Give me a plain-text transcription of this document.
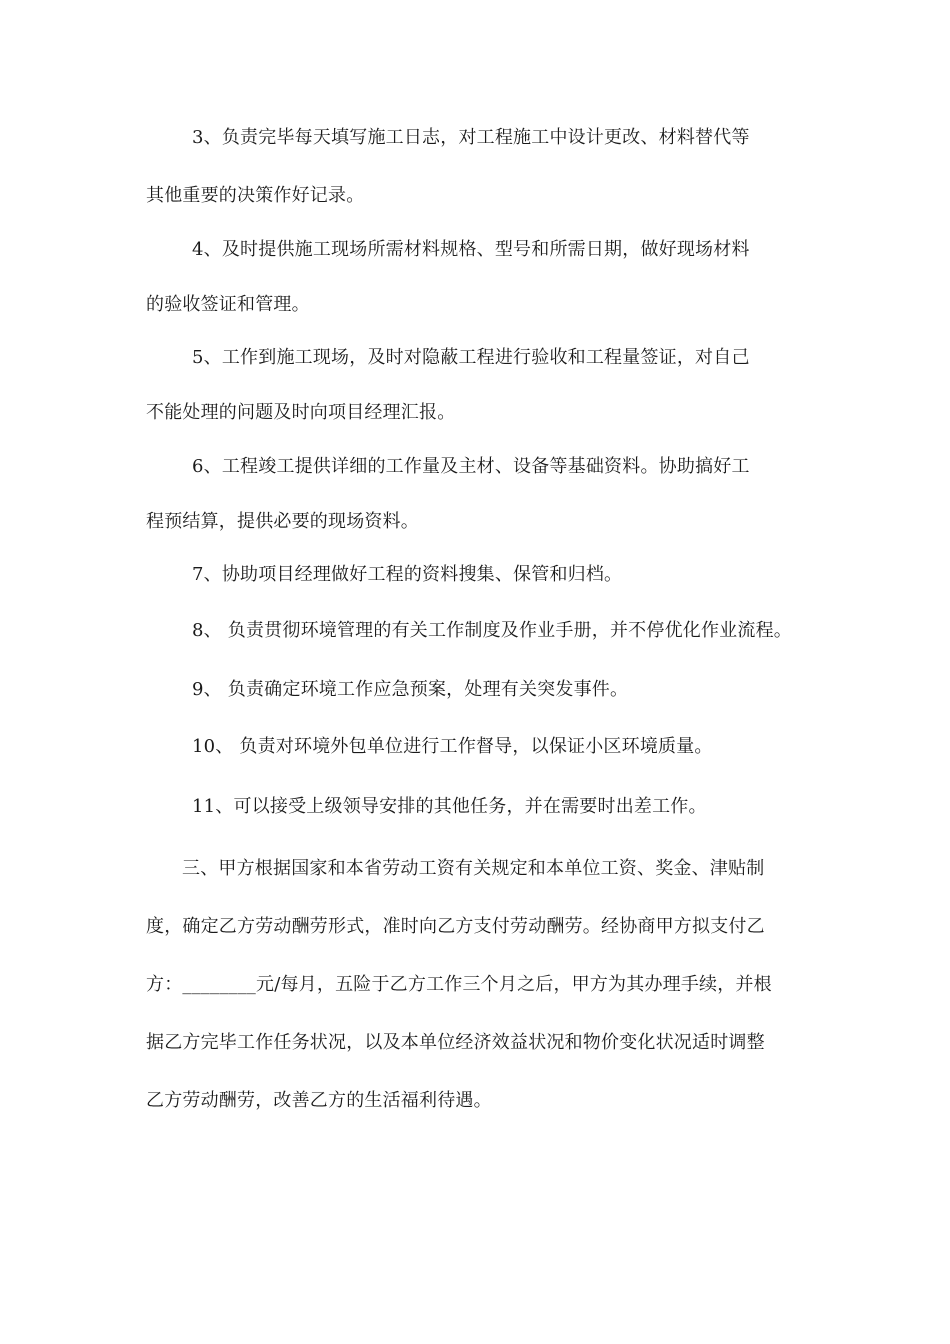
3、负责完毕每天填写施工日志，对工程施工中设计更改、材料替代等
其他重要的决策作好记录。
4、及时提供施工现场所需材料规格、型号和所需日期，做好现场材料
的验收签证和管理。
5、工作到施工现场，及时对隐蔽工程进行验收和工程量签证，对自己
不能处理的问题及时向项目经理汇报。
6、工程竣工提供详细的工作量及主材、设备等基础资料。协助搞好工
程预结算，提供必要的现场资料。
7、协助项目经理做好工程的资料搜集、保管和归档。
8、 负责贯彻环境管理的有关工作制度及作业手册，并不停优化作业流程。
9、 负责确定环境工作应急预案，处理有关突发事件。
10、 负责对环境外包单位进行工作督导，以保证小区环境质量。
11、可以接受上级领导安排的其他任务，并在需要时出差工作。
三、甲方根据国家和本省劳动工资有关规定和本单位工资、奖金、津贴制
度，确定乙方劳动酬劳形式，准时向乙方支付劳动酬劳。经协商甲方拟支付乙
方：________元/每月，五险于乙方工作三个月之后，甲方为其办理手续，并根
据乙方完毕工作任务状况，以及本单位经济效益状况和物价变化状况适时调整
乙方劳动酬劳，改善乙方的生活福利待遇。
